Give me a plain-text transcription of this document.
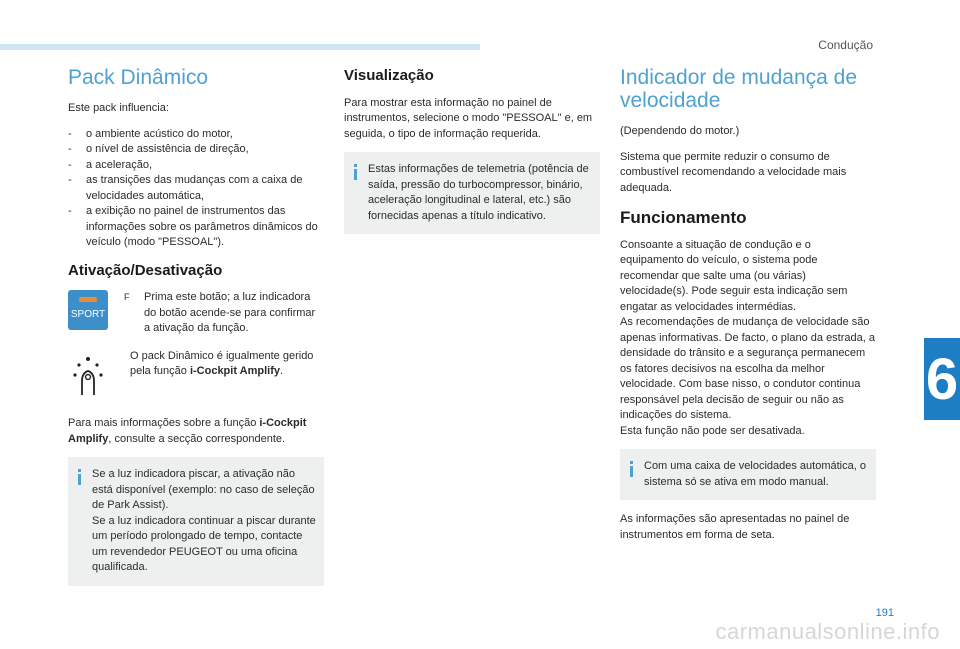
Condução
6
191
carmanualsonline.info
Pack Dinâmico

Este pack influencia:

- o ambiente acústico do motor,
- o nível de assistência de direção,
- a aceleração,
- as transições das mudanças com a caixa de velocidades automática,
- a exibição no painel de instrumentos das informações sobre os parâmetros dinâmicos do veículo (modo "PESSOAL").
Ativação/Desativação
SPORT
F Prima este botão; a luz indicadora do botão acende-se para confirmar a ativação da função.
O pack Dinâmico é igualmente gerido pela função i-Cockpit Amplify.

Para mais informações sobre a função i-Cockpit Amplify, consulte a secção correspondente.

Se a luz indicadora piscar, a ativação não está disponível (exemplo: no caso de seleção de Park Assist).
Se a luz indicadora continuar a piscar durante um período prolongado de tempo, contacte um revendedor PEUGEOT ou uma oficina qualificada.
Visualização

Para mostrar esta informação no painel de instrumentos, selecione o modo "PESSOAL" e, em seguida, o tipo de informação requerida.

Estas informações de telemetria (potência de saída, pressão do turbocompressor, binário, aceleração longitudinal e lateral, etc.) são fornecidas apenas a título indicativo.
Indicador de mudança de velocidade

(Dependendo do motor.)

Sistema que permite reduzir o consumo de combustível recomendando a velocidade mais adequada.

Funcionamento

Consoante a situação de condução e o equipamento do veículo, o sistema pode recomendar que salte uma (ou várias) velocidade(s). Pode seguir esta indicação sem engatar as velocidades intermédias.
As recomendações de mudança de velocidade são apenas informativas. De facto, o plano da estrada, a densidade do trânsito e a segurança permanecem os fatores decisivos na escolha da melhor velocidade. Com base nisso, o condutor continua responsável pela decisão de seguir ou não as indicações do sistema.
Esta função não pode ser desativada.

Com uma caixa de velocidades automática, o sistema só se ativa em modo manual.

As informações são apresentadas no painel de instrumentos em forma de seta.
